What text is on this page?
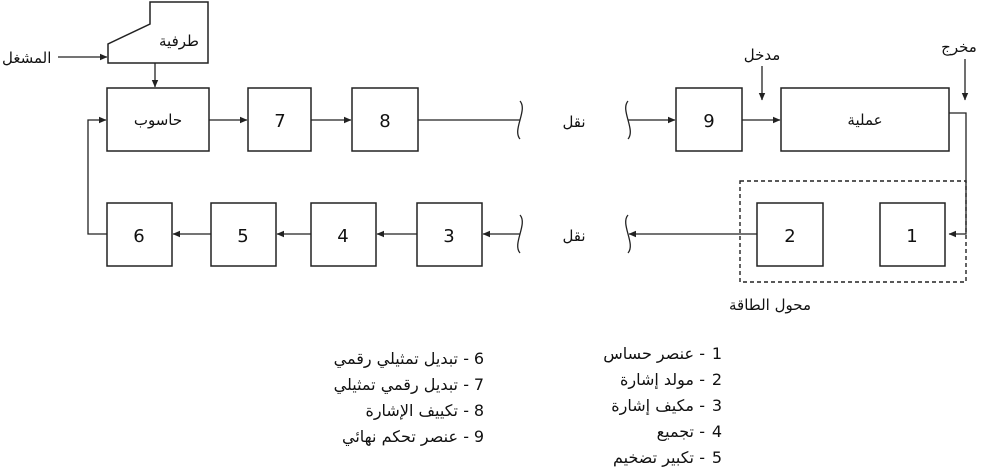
طرفية
المشغل
حاسوب	7	8	نقل	9
مدخل
عملية
مخرج
محول الطاقة
1
2
نقل
3
4
5
6
6
-
تبديل تمثيلي رقمي
7
-
تبديل رقمي تمثيلي
8
-
تكييف الإشارة
9
-
عنصر تحكم نهائي
1
-
عنصر حساس
2
-
مولد إشارة
3
-
مكيف إشارة
4
-
تجميع
5
-
تكبير تضخيم
